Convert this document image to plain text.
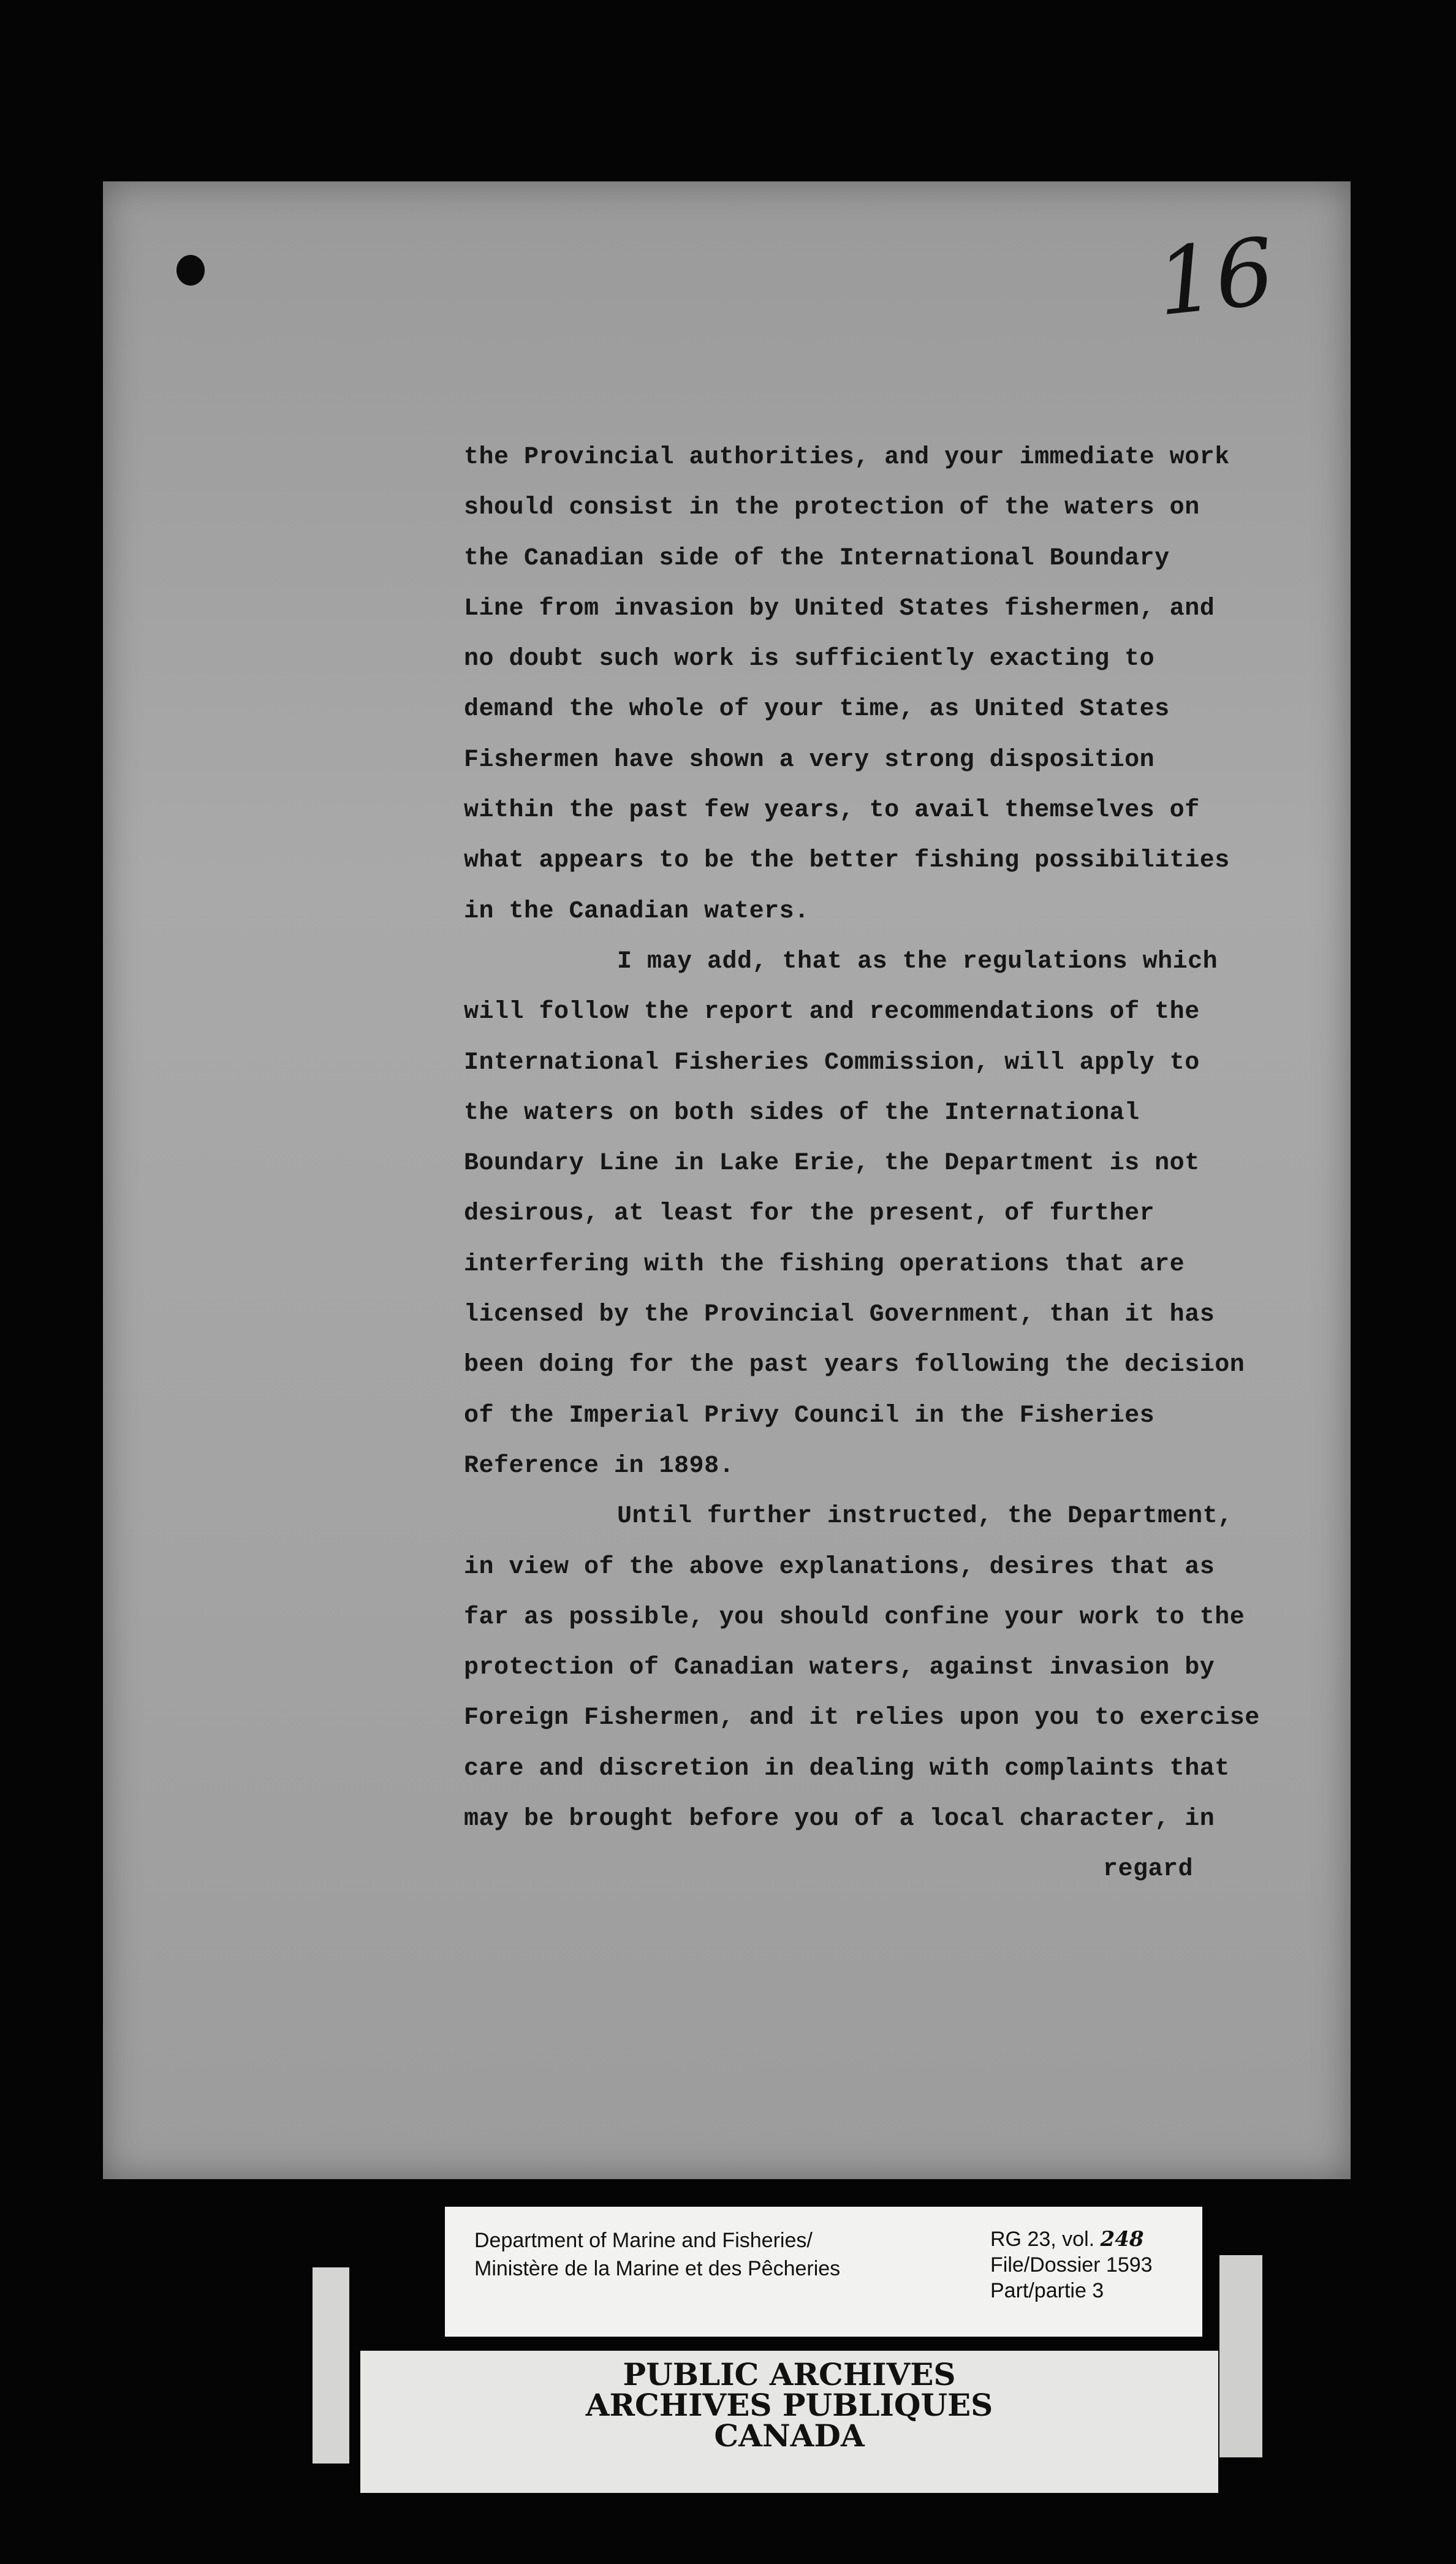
16
the Provincial authorities, and your immediate work
should consist in the protection of the waters on
the Canadian side of the International Boundary
Line from invasion by United States fishermen, and
no doubt such work is sufficiently exacting to
demand the whole of your time, as United States
Fishermen have shown a very strong disposition
within the past few years, to avail themselves of
what appears to be the better fishing possibilities
in the Canadian waters.
I may add, that as the regulations which
will follow the report and recommendations of the
International Fisheries Commission, will apply to
the waters on both sides of the International
Boundary Line in Lake Erie, the Department is not
desirous, at least for the present, of further
interfering with the fishing operations that are
licensed by the Provincial Government, than it has
been doing for the past years following the decision
of the Imperial Privy Council in the Fisheries
Reference in 1898.
Until further instructed, the Department,
in view of the above explanations, desires that as
far as possible, you should confine your work to the
protection of Canadian waters, against invasion by
Foreign Fishermen, and it relies upon you to exercise
care and discretion in dealing with complaints that
may be brought before you of a local character, in
regard
Department of Marine and Fisheries/
Ministère de la Marine et des Pêcheries
RG 23, vol. 248
File/Dossier 1593
Part/partie 3
PUBLIC ARCHIVES
ARCHIVES PUBLIQUES
CANADA
